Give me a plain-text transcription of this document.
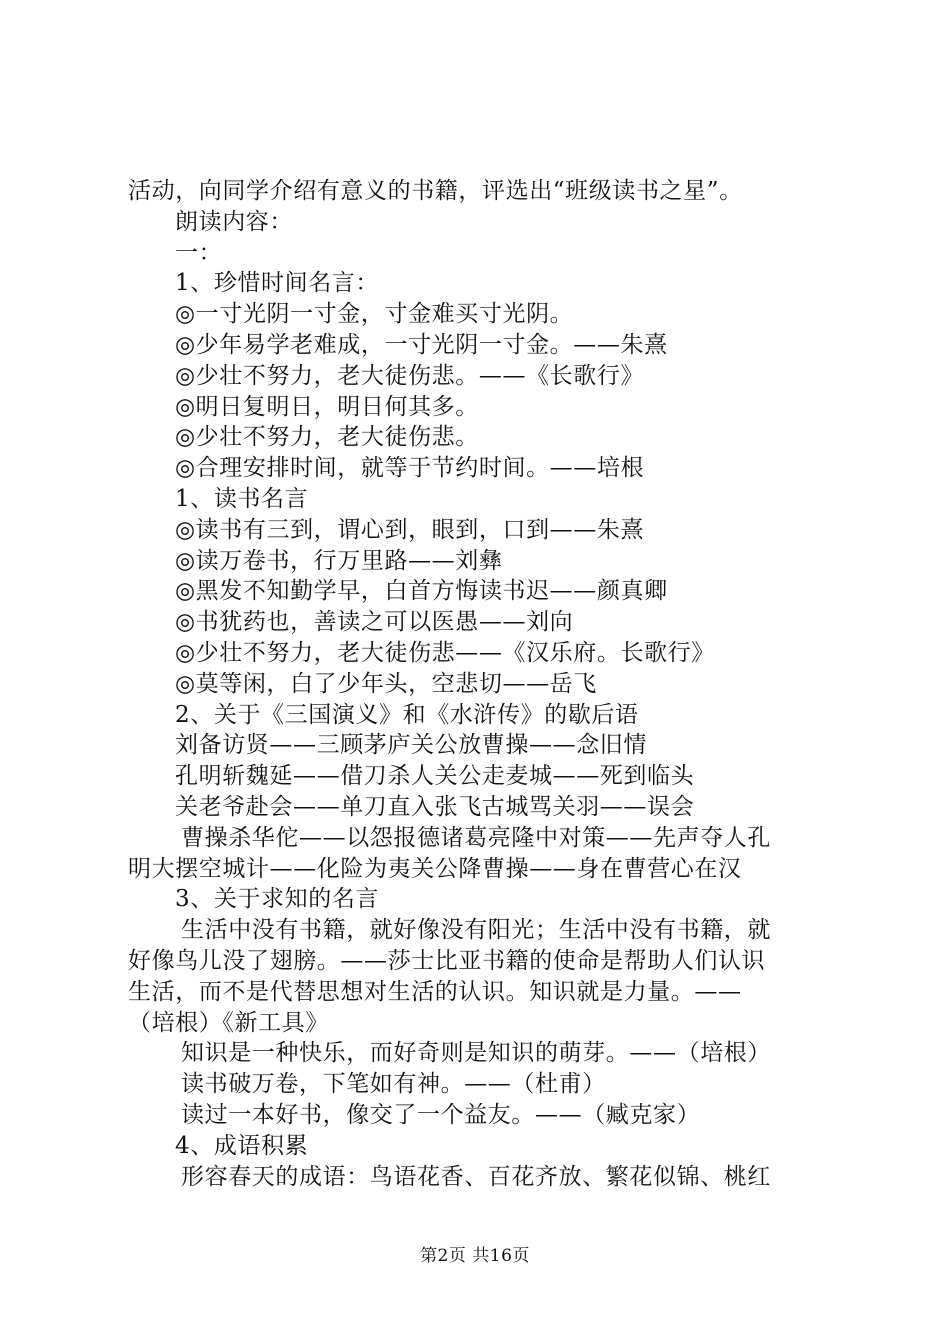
活动，向同学介绍有意义的书籍，评选出“班级读书之星”。
朗读内容：
一：
1、珍惜时间名言：
◎一寸光阴一寸金，寸金难买寸光阴。
◎少年易学老难成，一寸光阴一寸金。——朱熹
◎少壮不努力，老大徒伤悲。——《长歌行》
◎明日复明日，明日何其多。
◎少壮不努力，老大徒伤悲。
◎合理安排时间，就等于节约时间。——培根
1、读书名言
◎读书有三到，谓心到，眼到，口到——朱熹
◎读万卷书，行万里路——刘彝
◎黑发不知勤学早，白首方悔读书迟——颜真卿
◎书犹药也，善读之可以医愚——刘向
◎少壮不努力，老大徒伤悲——《汉乐府。长歌行》
◎莫等闲，白了少年头，空悲切——岳飞
2、关于《三国演义》和《水浒传》的歇后语
刘备访贤——三顾茅庐关公放曹操——念旧情
孔明斩魏延——借刀杀人关公走麦城——死到临头
关老爷赴会——单刀直入张飞古城骂关羽——误会
曹操杀华佗——以怨报德诸葛亮隆中对策——先声夺人孔
明大摆空城计——化险为夷关公降曹操——身在曹营心在汉
3、关于求知的名言
生活中没有书籍，就好像没有阳光；生活中没有书籍，就
好像鸟儿没了翅膀。——莎士比亚书籍的使命是帮助人们认识
生活，而不是代替思想对生活的认识。知识就是力量。——
（培根）《新工具》
知识是一种快乐，而好奇则是知识的萌芽。——（培根）
读书破万卷，下笔如有神。——（杜甫）
读过一本好书，像交了一个益友。——（臧克家）
4、成语积累
形容春天的成语：鸟语花香、百花齐放、繁花似锦、桃红
第2页 共16页
